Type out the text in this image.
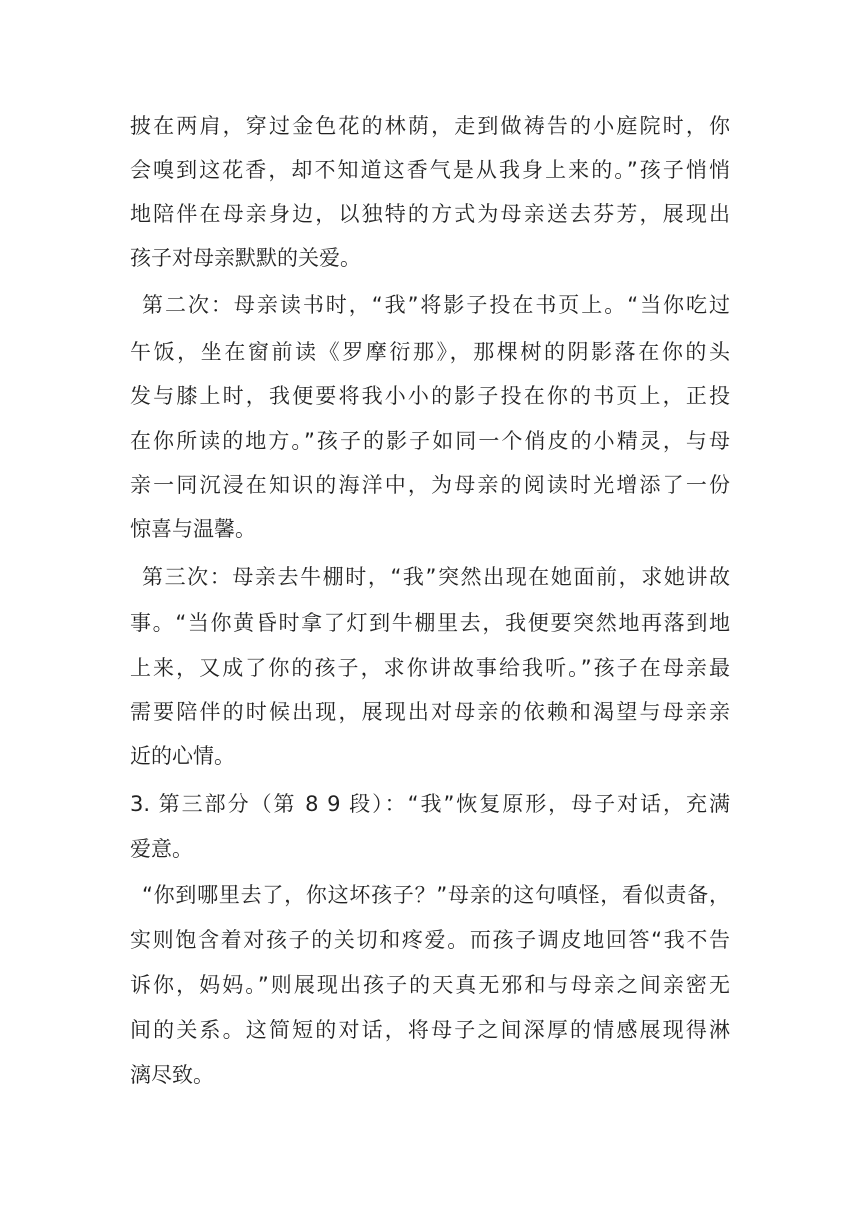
披在两肩，穿过金色花的林荫，走到做祷告的小庭院时，你
会嗅到这花香，却不知道这香气是从我身上来的。”孩子悄悄
地陪伴在母亲身边，以独特的方式为母亲送去芬芳，展现出
孩子对母亲默默的关爱。
第二次：母亲读书时，“我”将影子投在书页上。“当你吃过
午饭，坐在窗前读《罗摩衍那》，那棵树的阴影落在你的头
发与膝上时，我便要将我小小的影子投在你的书页上，正投
在你所读的地方。”孩子的影子如同一个俏皮的小精灵，与母
亲一同沉浸在知识的海洋中，为母亲的阅读时光增添了一份
惊喜与温馨。
第三次：母亲去牛棚时，“我”突然出现在她面前，求她讲故
事。“当你黄昏时拿了灯到牛棚里去，我便要突然地再落到地
上来，又成了你的孩子，求你讲故事给我听。”孩子在母亲最
需要陪伴的时候出现，展现出对母亲的依赖和渴望与母亲亲
近的心情。
3. 第三部分（第 8 9 段）：“我”恢复原形，母子对话，充满
爱意。
“你到哪里去了，你这坏孩子？”母亲的这句嗔怪，看似责备，
实则饱含着对孩子的关切和疼爱。而孩子调皮地回答“我不告
诉你，妈妈。”则展现出孩子的天真无邪和与母亲之间亲密无
间的关系。这简短的对话，将母子之间深厚的情感展现得淋
漓尽致。
